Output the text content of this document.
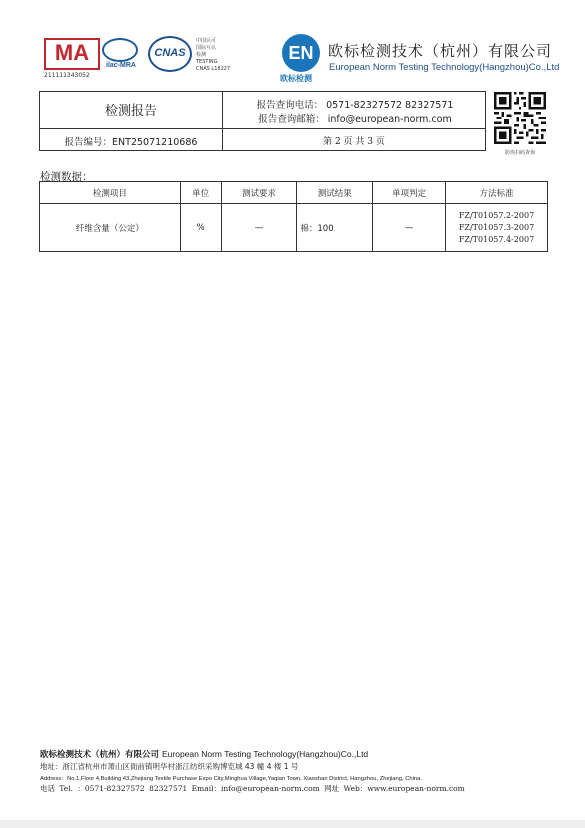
MA
211111343052
ilac-MRA
CNAS
中国认可
国际互认
检测
TESTING
CNAS L18227
EN
欧标检测
欧标检测技术（杭州）有限公司
European Norm Testing Technology(Hangzhou)Co.,Ltd
检测报告	报告查询电话： 0571-82327572 82327571
报告查询邮箱： info@european-norm.com
报告编号：ENT25071210686	第 2 页 共 3 页
防伪扫码查询
检测数据：
检测项目	单位	测试要求	测试结果	单项判定	方法标准
纤维含量（公定）	%	—	棉：100	—	FZ/T01057.2-2007
FZ/T01057.3-2007
FZ/T01057.4-2007
欧标检测技术（杭州）有限公司 European Norm Testing Technology(Hangzhou)Co.,Ltd
地址：浙江省杭州市萧山区衙前镇明华村浙江纺织采购博览城 43 幢 4 楼 1 号
Address：No.1,Floor 4,Building 43,Zhejiang Textile Purchase Expo City,Minghua Village,Yaqian Town, Xiaoshan District, Hangzhou, Zhejiang, China.
电话 Tel. ：0571-82327572 82327571 Email：info@european-norm.com 网址 Web：www.european-norm.com
